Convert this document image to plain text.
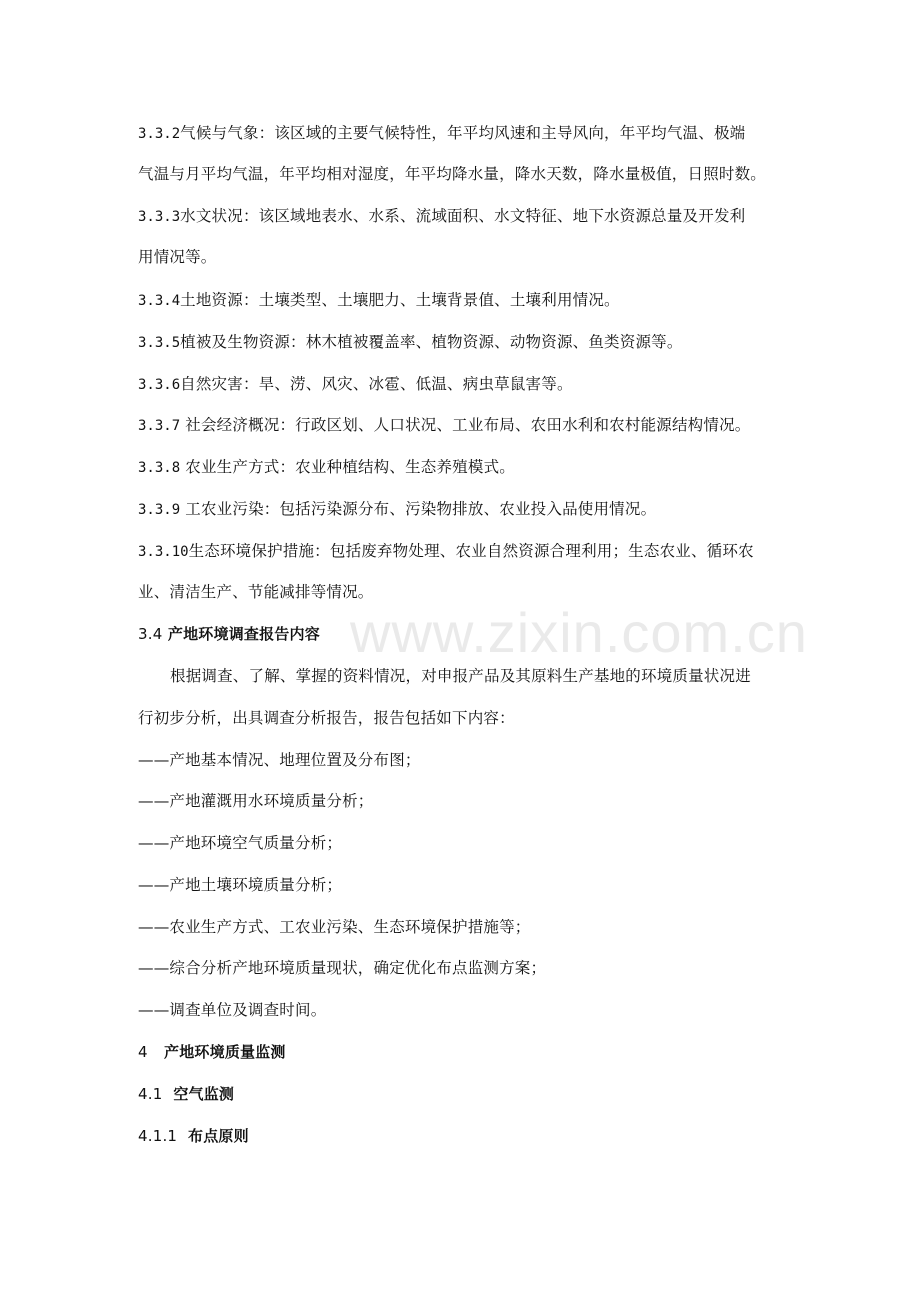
www.zixin.com.cn
3.3.2气候与气象：该区域的主要气候特性，年平均风速和主导风向，年平均气温、极端
气温与月平均气温，年平均相对湿度，年平均降水量，降水天数，降水量极值，日照时数。
3.3.3水文状况：该区域地表水、水系、流域面积、水文特征、地下水资源总量及开发利
用情况等。
3.3.4土地资源：土壤类型、土壤肥力、土壤背景值、土壤利用情况。
3.3.5植被及生物资源：林木植被覆盖率、植物资源、动物资源、鱼类资源等。
3.3.6自然灾害：旱、涝、风灾、冰雹、低温、病虫草鼠害等。
3.3.7 社会经济概况：行政区划、人口状况、工业布局、农田水利和农村能源结构情况。
3.3.8 农业生产方式：农业种植结构、生态养殖模式。
3.3.9 工农业污染：包括污染源分布、污染物排放、农业投入品使用情况。
3.3.10生态环境保护措施：包括废弃物处理、农业自然资源合理利用；生态农业、循环农
业、清洁生产、节能减排等情况。
3.4 产地环境调查报告内容
根据调查、了解、掌握的资料情况，对申报产品及其原料生产基地的环境质量状况进
行初步分析，出具调查分析报告，报告包括如下内容：
——产地基本情况、地理位置及分布图；
——产地灌溉用水环境质量分析；
——产地环境空气质量分析；
——产地土壤环境质量分析；
——农业生产方式、工农业污染、生态环境保护措施等；
——综合分析产地环境质量现状，确定优化布点监测方案；
——调查单位及调查时间。
4   产地环境质量监测
4.1  空气监测
4.1.1  布点原则
